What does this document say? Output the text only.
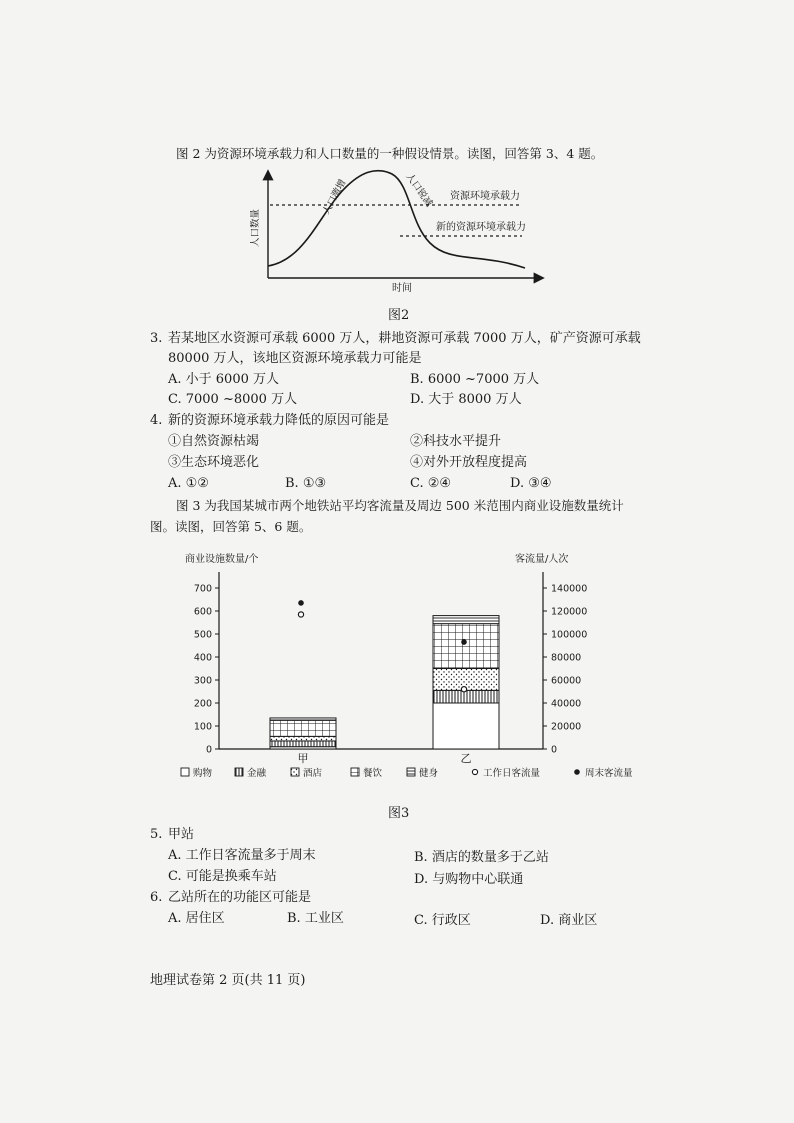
图 2 为资源环境承载力和人口数量的一种假设情景。读图，回答第 3、4 题。
人口数量
时间
人口激增	人口锐减 资源环境承载力
新的资源环境承载力
图2
3. 若某地区水资源可承载 6000 万人，耕地资源可承载 7000 万人，矿产资源可承载
80000 万人，该地区资源环境承载力可能是
A. 小于 6000 万人	B. 6000 ~7000 万人
C. 7000 ~8000 万人	D. 大于 8000 万人
4. 新的资源环境承载力降低的原因可能是
①自然资源枯竭	②科技水平提升
③生态环境恶化	④对外开放程度提高
A. ①②	B. ①③	C. ②④	D. ③④
图 3 为我国某城市两个地铁站平均客流量及周边 500 米范围内商业设施数量统计
图。读图，回答第 5、6 题。
商业设施数量/个	客流量/人次
700
600
500
400
300
200
100
0
140000
120000
100000
80000
60000
40000
20000
0
甲	乙
购物	金融	酒店	餐饮	健身	工作日客流量	周末客流量
图3
5. 甲站
A. 工作日客流量多于周末	B. 酒店的数量多于乙站
C. 可能是换乘车站	D. 与购物中心联通
6. 乙站所在的功能区可能是
A. 居住区	B. 工业区	C. 行政区	D. 商业区
地理试卷第 2 页(共 11 页)
